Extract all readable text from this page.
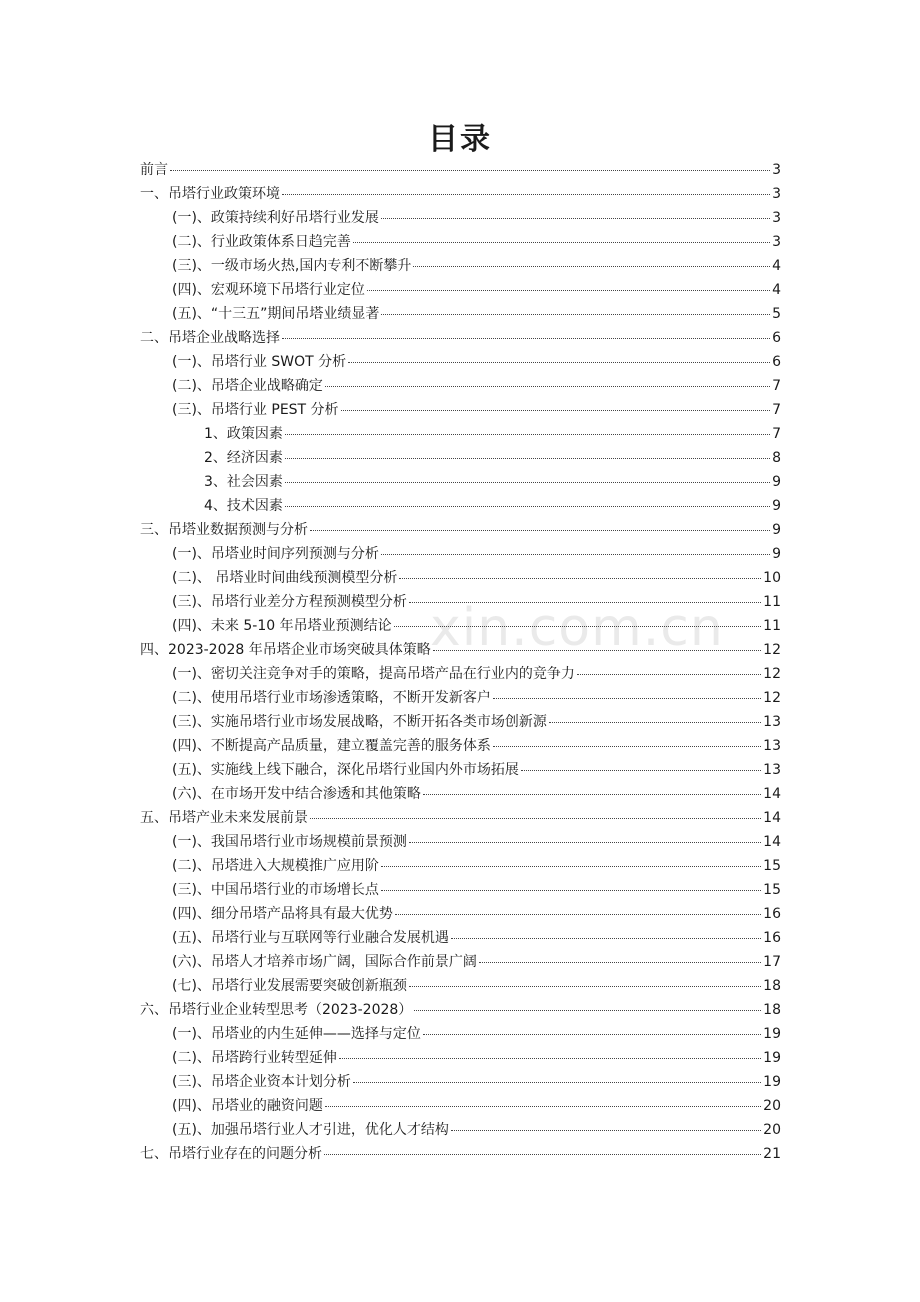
目录
xin.com.cn
前言	3
一、吊塔行业政策环境	3
(一)、政策持续利好吊塔行业发展	3
(二)、行业政策体系日趋完善	3
(三)、一级市场火热,国内专利不断攀升	4
(四)、宏观环境下吊塔行业定位	4
(五)、“十三五”期间吊塔业绩显著	5
二、吊塔企业战略选择	6
(一)、吊塔行业 SWOT 分析	6
(二)、吊塔企业战略确定	7
(三)、吊塔行业 PEST 分析	7
1、政策因素	7
2、经济因素	8
3、社会因素	9
4、技术因素	9
三、吊塔业数据预测与分析	9
(一)、吊塔业时间序列预测与分析	9
(二)、 吊塔业时间曲线预测模型分析	10
(三)、吊塔行业差分方程预测模型分析	11
(四)、未来 5-10 年吊塔业预测结论	11
四、2023-2028 年吊塔企业市场突破具体策略	12
(一)、密切关注竞争对手的策略，提高吊塔产品在行业内的竞争力	12
(二)、使用吊塔行业市场渗透策略，不断开发新客户	12
(三)、实施吊塔行业市场发展战略，不断开拓各类市场创新源	13
(四)、不断提高产品质量，建立覆盖完善的服务体系	13
(五)、实施线上线下融合，深化吊塔行业国内外市场拓展	13
(六)、在市场开发中结合渗透和其他策略	14
五、吊塔产业未来发展前景	14
(一)、我国吊塔行业市场规模前景预测	14
(二)、吊塔进入大规模推广应用阶	15
(三)、中国吊塔行业的市场增长点	15
(四)、细分吊塔产品将具有最大优势	16
(五)、吊塔行业与互联网等行业融合发展机遇	16
(六)、吊塔人才培养市场广阔，国际合作前景广阔	17
(七)、吊塔行业发展需要突破创新瓶颈	18
六、吊塔行业企业转型思考（2023-2028）	18
(一)、吊塔业的内生延伸——选择与定位	19
(二)、吊塔跨行业转型延伸	19
(三)、吊塔企业资本计划分析	19
(四)、吊塔业的融资问题	20
(五)、加强吊塔行业人才引进，优化人才结构	20
七、吊塔行业存在的问题分析	21
